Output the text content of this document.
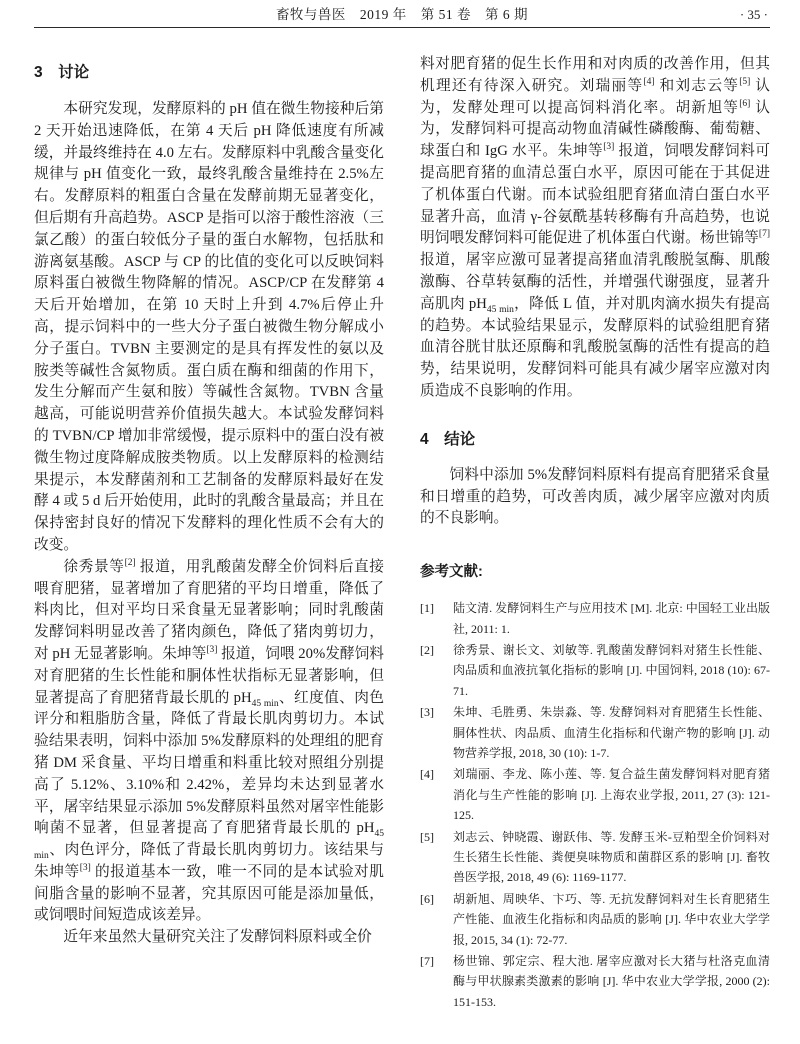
畜牧与兽医　2019 年　第 51 卷　第 6 期	· 35 ·
3　讨论

本研究发现，发酵原料的 pH 值在微生物接种后第 2 天开始迅速降低，在第 4 天后 pH 降低速度有所减缓，并最终维持在 4.0 左右。发酵原料中乳酸含量变化规律与 pH 值变化一致，最终乳酸含量维持在 2.5%左右。发酵原料的粗蛋白含量在发酵前期无显著变化，但后期有升高趋势。ASCP 是指可以溶于酸性溶液（三氯乙酸）的蛋白较低分子量的蛋白水解物，包括肽和游离氨基酸。ASCP 与 CP 的比值的变化可以反映饲料原料蛋白被微生物降解的情况。ASCP/CP 在发酵第 4 天后开始增加，在第 10 天时上升到 4.7%后停止升高，提示饲料中的一些大分子蛋白被微生物分解成小分子蛋白。TVBN 主要测定的是具有挥发性的氨以及胺类等碱性含氮物质。蛋白质在酶和细菌的作用下，发生分解而产生氨和胺）等碱性含氮物。TVBN 含量越高，可能说明营养价值损失越大。本试验发酵饲料的 TVBN/CP 增加非常缓慢，提示原料中的蛋白没有被微生物过度降解成胺类物质。以上发酵原料的检测结果提示，本发酵菌剂和工艺制备的发酵原料最好在发酵 4 或 5 d 后开始使用，此时的乳酸含量最高；并且在保持密封良好的情况下发酵料的理化性质不会有大的改变。

徐秀景等[2] 报道，用乳酸菌发酵全价饲料后直接喂育肥猪，显著增加了育肥猪的平均日增重，降低了料肉比，但对平均日采食量无显著影响；同时乳酸菌发酵饲料明显改善了猪肉颜色，降低了猪肉剪切力，对 pH 无显著影响。朱坤等[3] 报道，饲喂 20%发酵饲料对育肥猪的生长性能和胴体性状指标无显著影响，但显著提高了育肥猪背最长肌的 $pH_{45 min}$、红度值、肉色评分和粗脂肪含量，降低了背最长肌肉剪切力。本试验结果表明，饲料中添加 5%发酵原料的处理组的肥育猪 DM 采食量、平均日增重和料重比较对照组分别提高了 5.12%、3.10%和 2.42%，差异均未达到显著水平，屠宰结果显示添加 5%发酵原料虽然对屠宰性能影响菌不显著，但显著提高了育肥猪背最长肌的 $pH_{45 min}$、肉色评分，降低了背最长肌肉剪切力。该结果与朱坤等[3] 的报道基本一致，唯一不同的是本试验对肌间脂含量的影响不显著，究其原因可能是添加量低，或饲喂时间短造成该差异。

近年来虽然大量研究关注了发酵饲料原料或全价

料对肥育猪的促生长作用和对肉质的改善作用，但其机理还有待深入研究。刘瑞丽等[4] 和刘志云等[5] 认为，发酵处理可以提高饲料消化率。胡新旭等[6] 认为，发酵饲料可提高动物血清碱性磷酸酶、葡萄糖、球蛋白和 IgG 水平。朱坤等[3] 报道，饲喂发酵饲料可提高肥育猪的血清总蛋白水平，原因可能在于其促进了机体蛋白代谢。而本试验组肥育猪血清白蛋白水平显著升高，血清 γ-谷氨酰基转移酶有升高趋势，也说明饲喂发酵饲料可能促进了机体蛋白代谢。杨世锦等[7] 报道，屠宰应激可显著提高猪血清乳酸脱氢酶、肌酸激酶、谷草转氨酶的活性，并增强代谢强度，显著升高肌肉 $pH_{45 min}$，降低 L 值，并对肌肉滴水损失有提高的趋势。本试验结果显示，发酵原料的试验组肥育猪血清谷胱甘肽还原酶和乳酸脱氢酶的活性有提高的趋势，结果说明，发酵饲料可能具有减少屠宰应激对肉质造成不良影响的作用。

4　结论

饲料中添加 5%发酵饲料原料有提高育肥猪采食量和日增重的趋势，可改善肉质，减少屠宰应激对肉质的不良影响。

参考文献:
[1]	陆文清. 发酵饲料生产与应用技术 [M]. 北京: 中国轻工业出版社, 2011: 1.
[2]	徐秀景、谢长文、刘敏等. 乳酸菌发酵饲料对猪生长性能、肉品质和血液抗氧化指标的影响 [J]. 中国饲料, 2018 (10): 67-71.
[3]	朱坤、毛胜勇、朱崇淼、等. 发酵饲料对育肥猪生长性能、胴体性状、肉品质、血清生化指标和代谢产物的影响 [J]. 动物营养学报, 2018, 30 (10): 1-7.
[4]	刘瑞丽、李龙、陈小莲、等. 复合益生菌发酵饲料对肥育猪消化与生产性能的影响 [J]. 上海农业学报, 2011, 27 (3): 121-125.
[5]	刘志云、钟晓霞、谢跃伟、等. 发酵玉米-豆粕型全价饲料对生长猪生长性能、粪便臭味物质和菌群区系的影响 [J]. 畜牧兽医学报, 2018, 49 (6): 1169-1177.
[6]	胡新旭、周映华、卞巧、等. 无抗发酵饲料对生长育肥猪生产性能、血液生化指标和肉品质的影响 [J]. 华中农业大学学报, 2015, 34 (1): 72-77.
[7]	杨世锦、郭定宗、程大池. 屠宰应激对长大猪与杜洛克血清酶与甲状腺素类激素的影响 [J]. 华中农业大学学报, 2000 (2): 151-153.
